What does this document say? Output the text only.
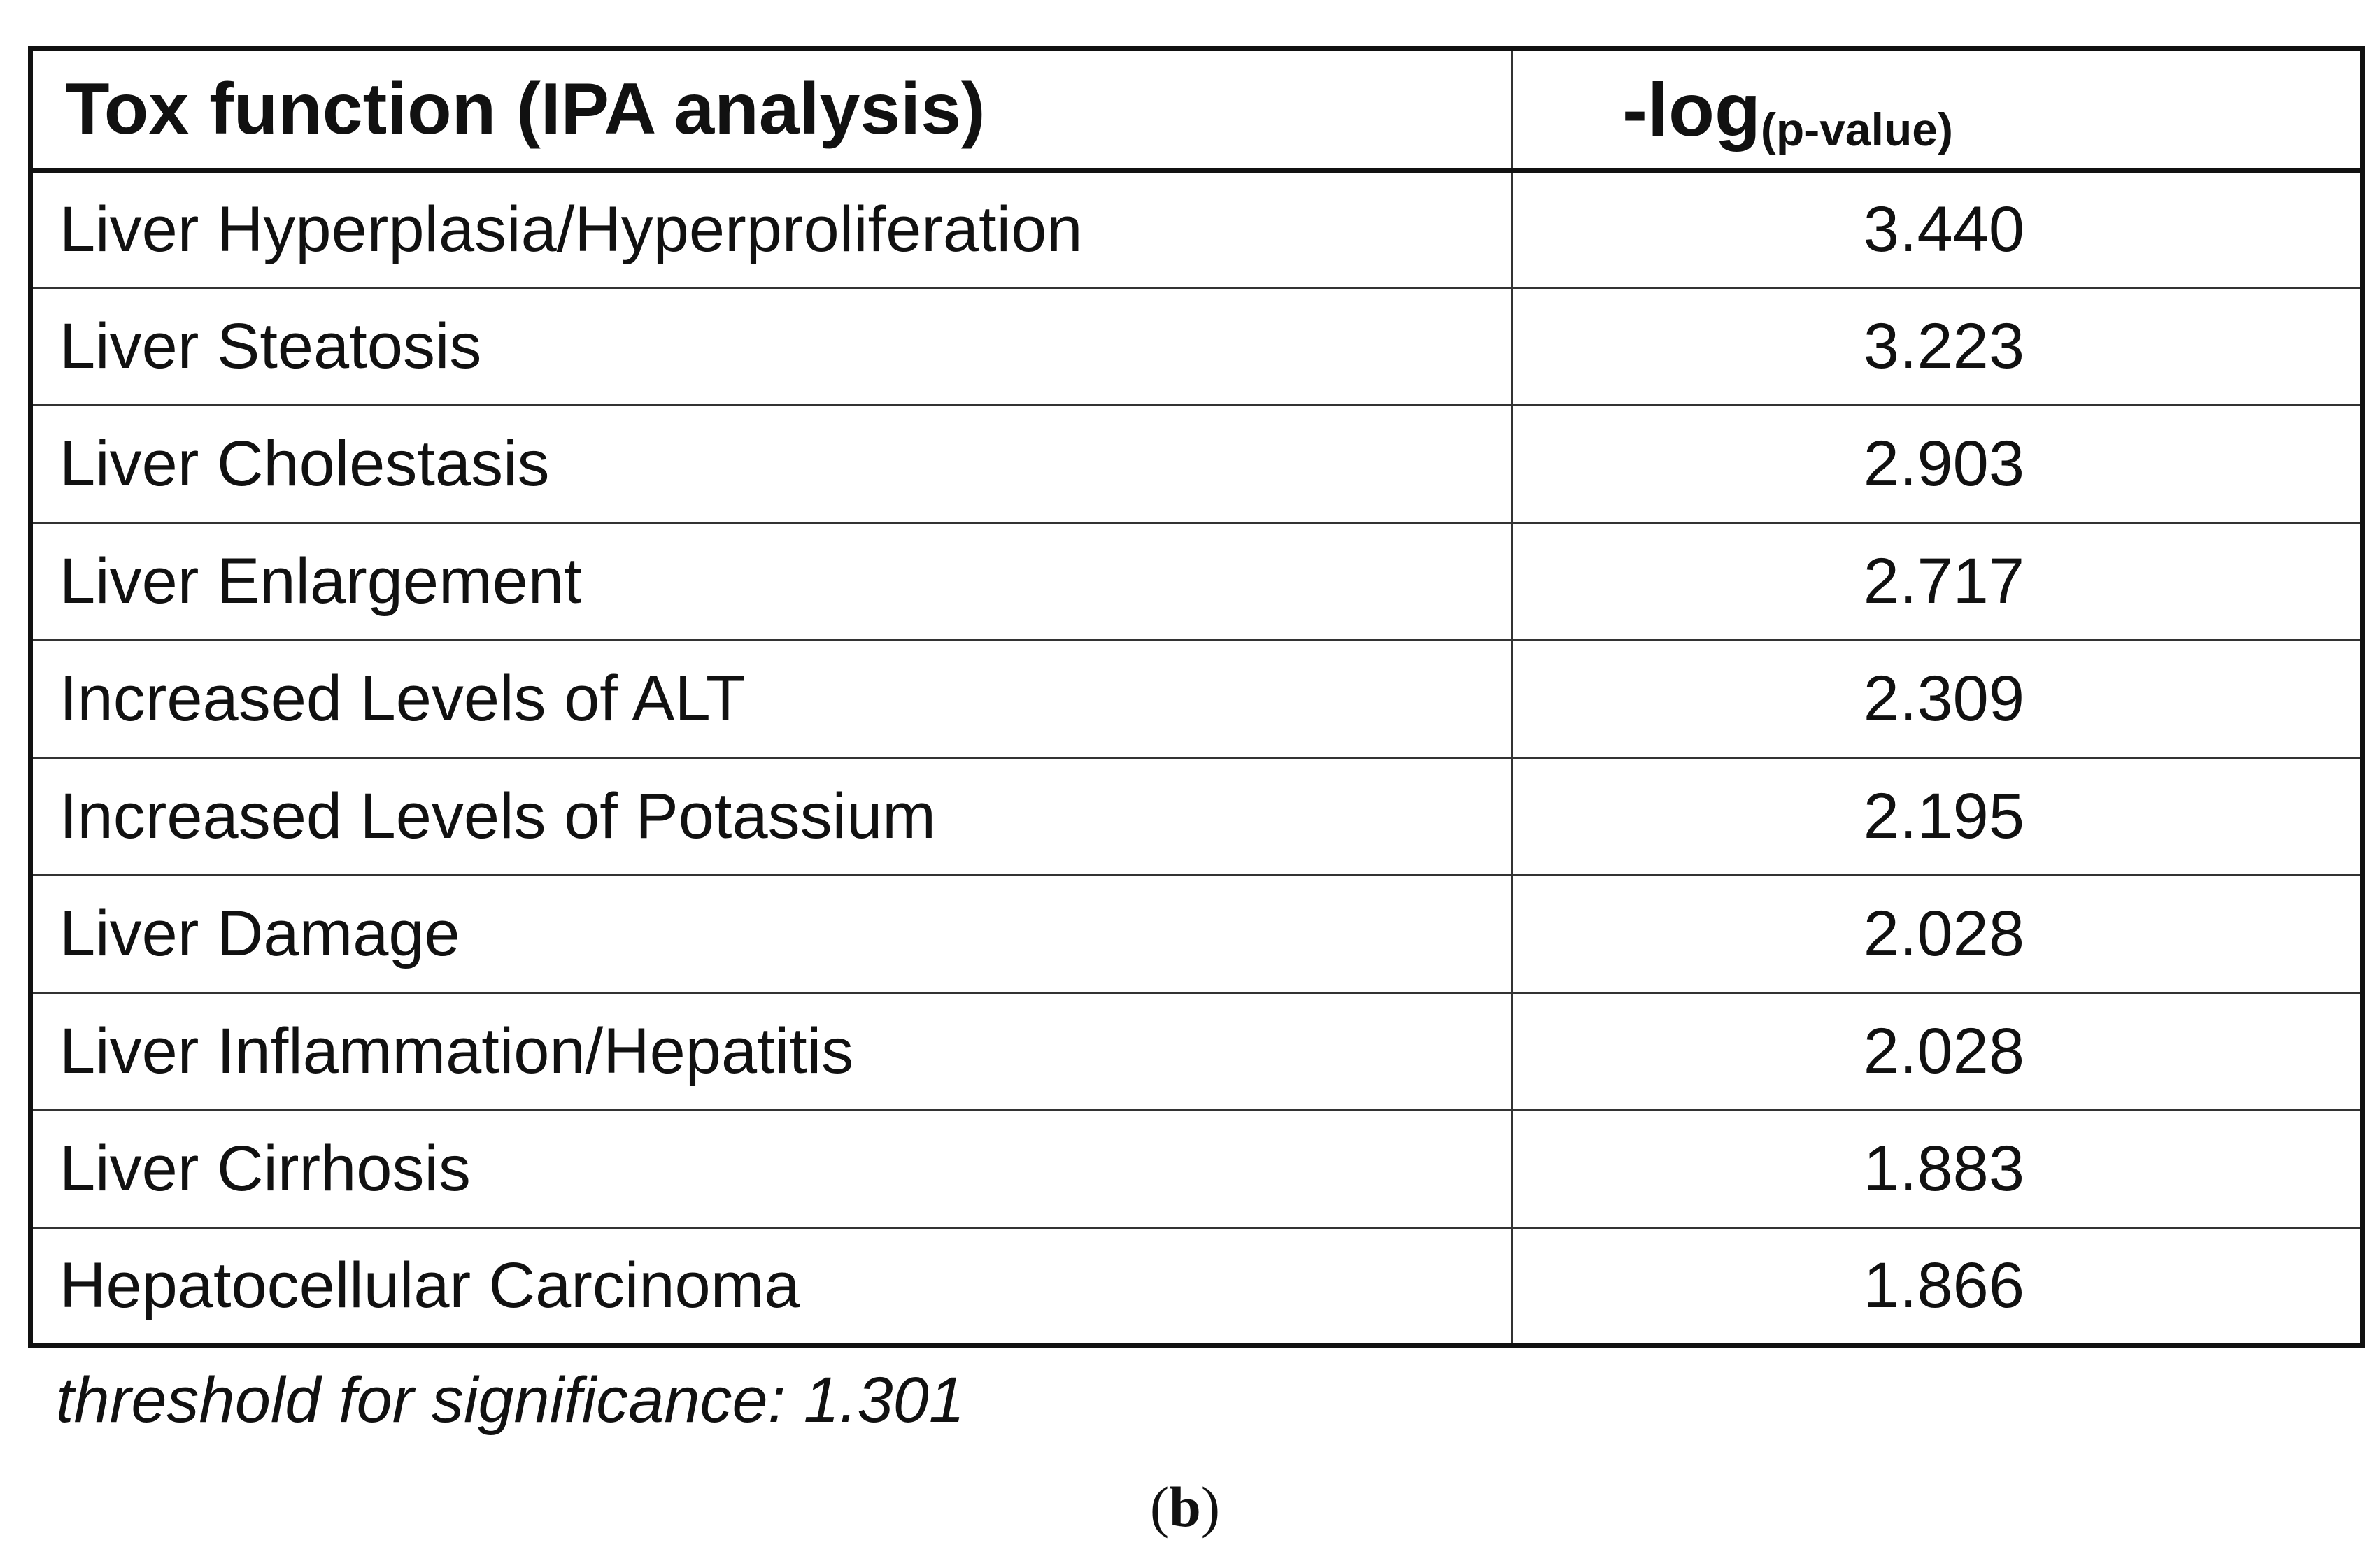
Tox function (IPA analysis)	-log(p-value)
Liver Hyperplasia/Hyperproliferation	3.440
Liver Steatosis	3.223
Liver Cholestasis	2.903
Liver Enlargement	2.717
Increased Levels of ALT	2.309
Increased Levels of Potassium	2.195
Liver Damage	2.028
Liver Inflammation/Hepatitis	2.028
Liver Cirrhosis	1.883
Hepatocellular Carcinoma	1.866
threshold for significance: 1.301
(b)
